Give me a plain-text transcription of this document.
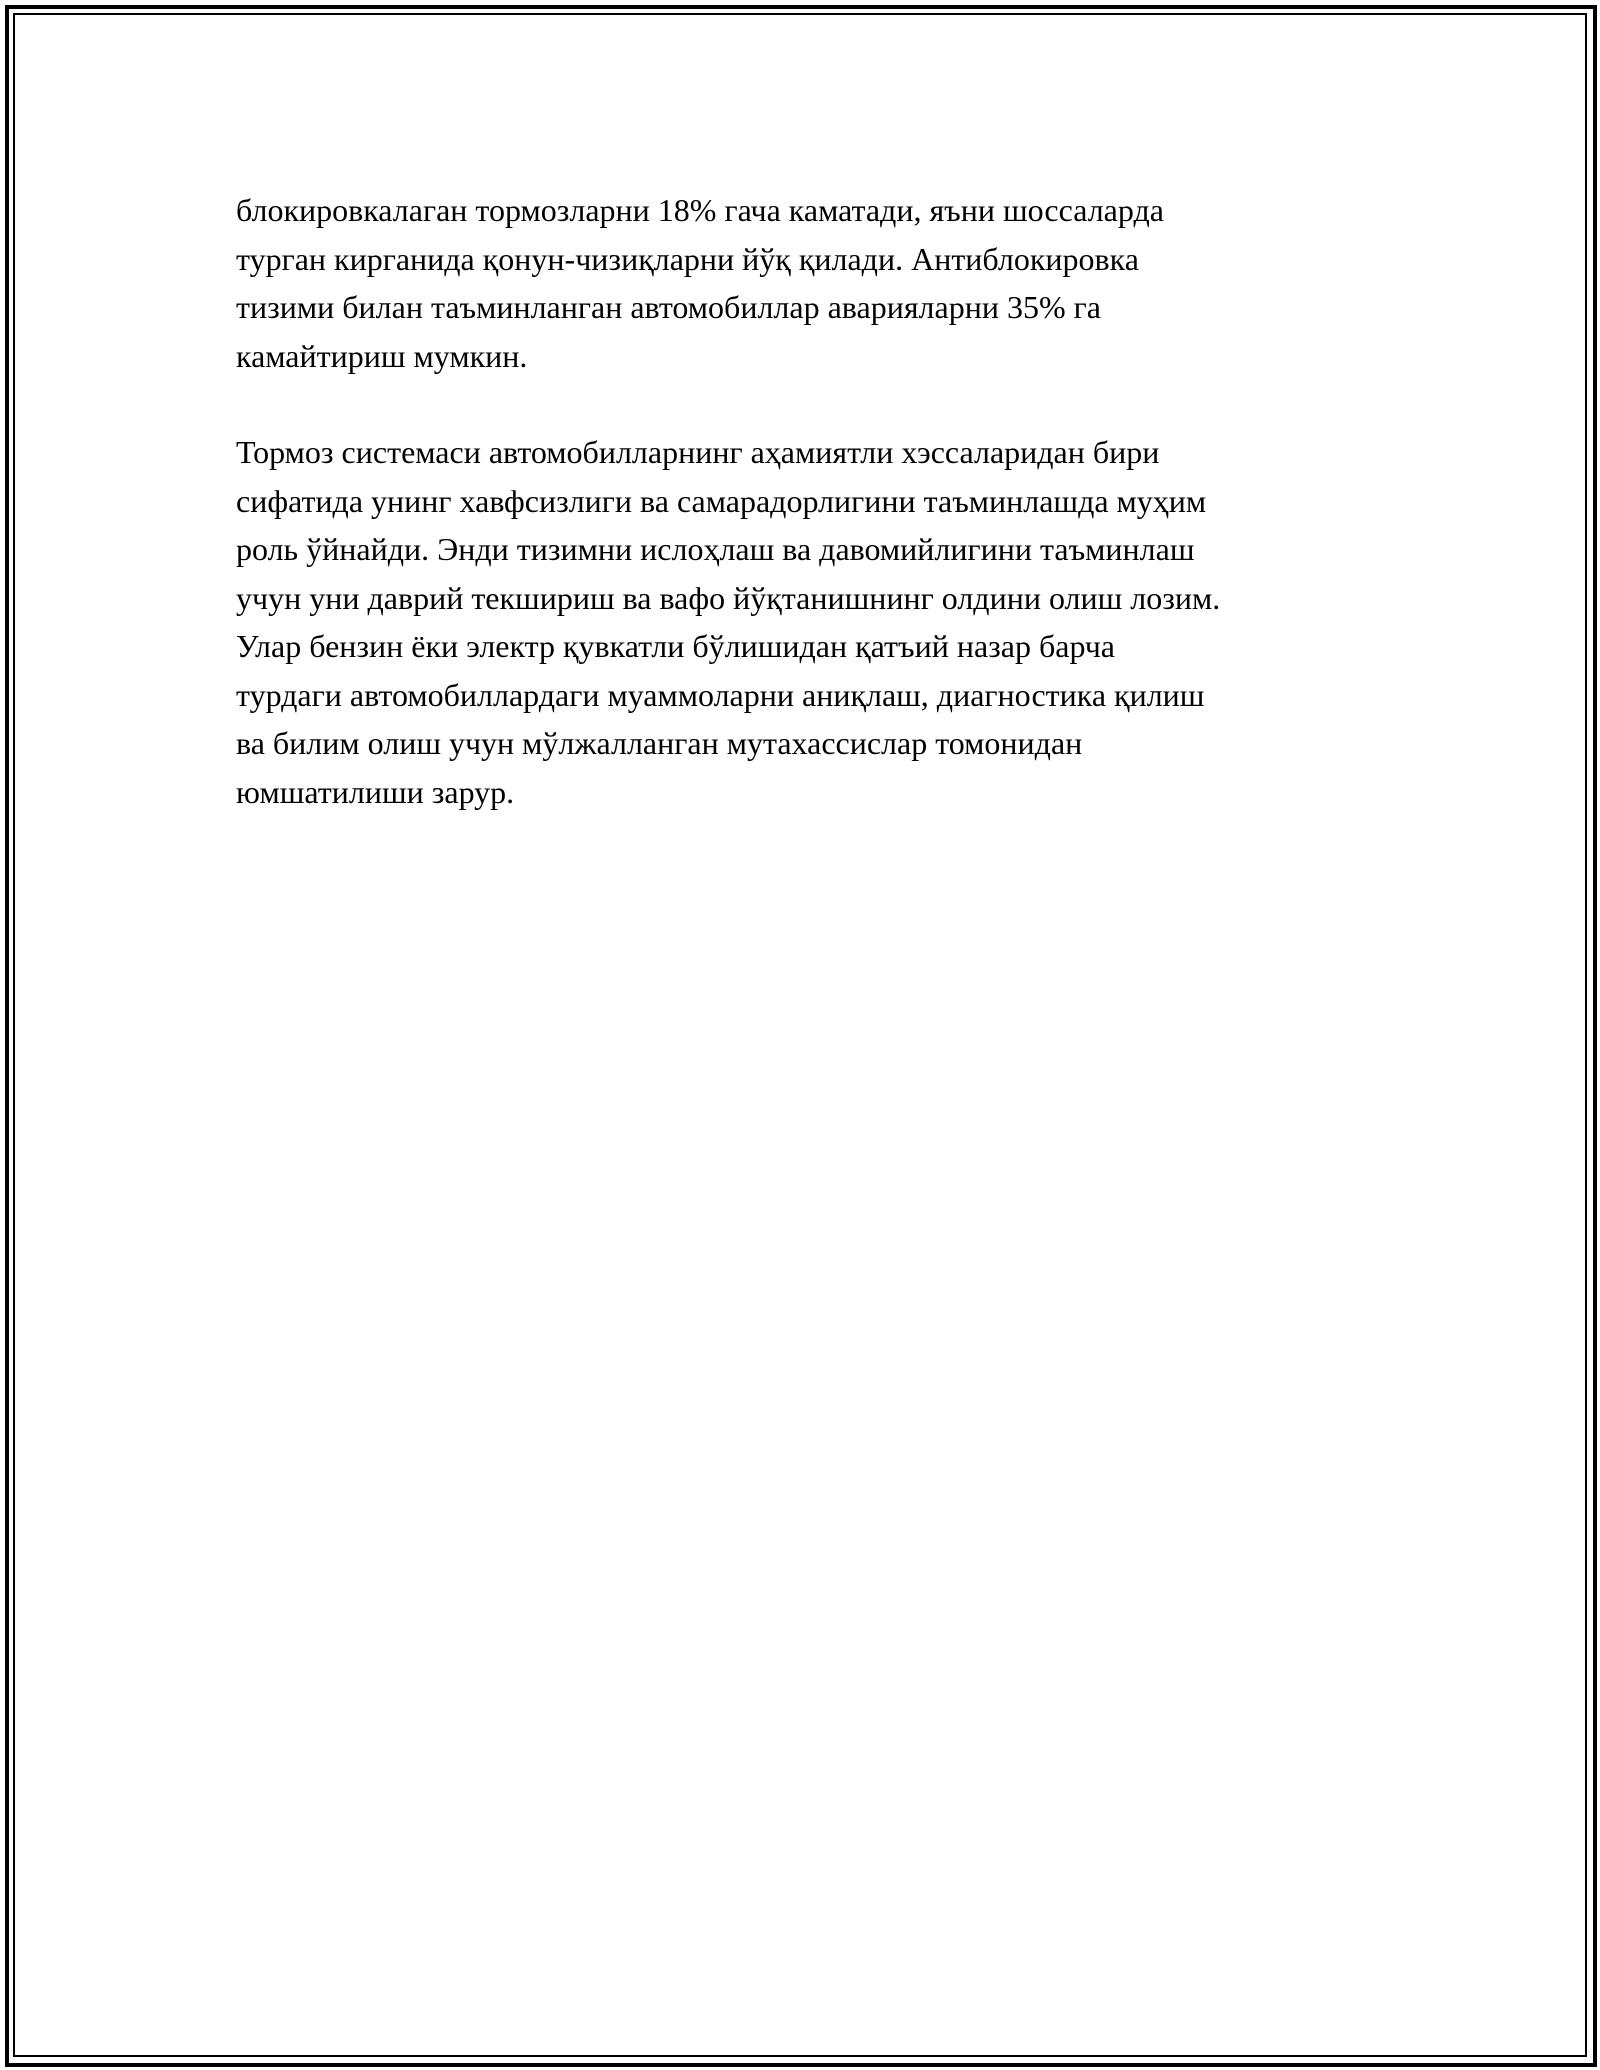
блокировкалаган тормозларни 18% гача каматади, яъни шоссаларда
турган кирганида қонун-чизиқларни йўқ қилади. Антиблокировка
тизими билан таъминланган автомобиллар аварияларни 35% га
камайтириш мумкин.

Тормоз системаси автомобилларнинг аҳамиятли хэссаларидан бири
сифатида унинг хавфсизлиги ва самарадорлигини таъминлашда муҳим
роль ўйнайди. Энди тизимни ислоҳлаш ва давомийлигини таъминлаш
учун уни даврий текшириш ва вафо йўқтанишнинг олдини олиш лозим.
Улар бензин ёки электр қувкатли бўлишидан қатъий назар барча
турдаги автомобиллардаги муаммоларни аниқлаш, диагностика қилиш
ва билим олиш учун мўлжалланган мутахассислар томонидан
юмшатилиши зарур.
